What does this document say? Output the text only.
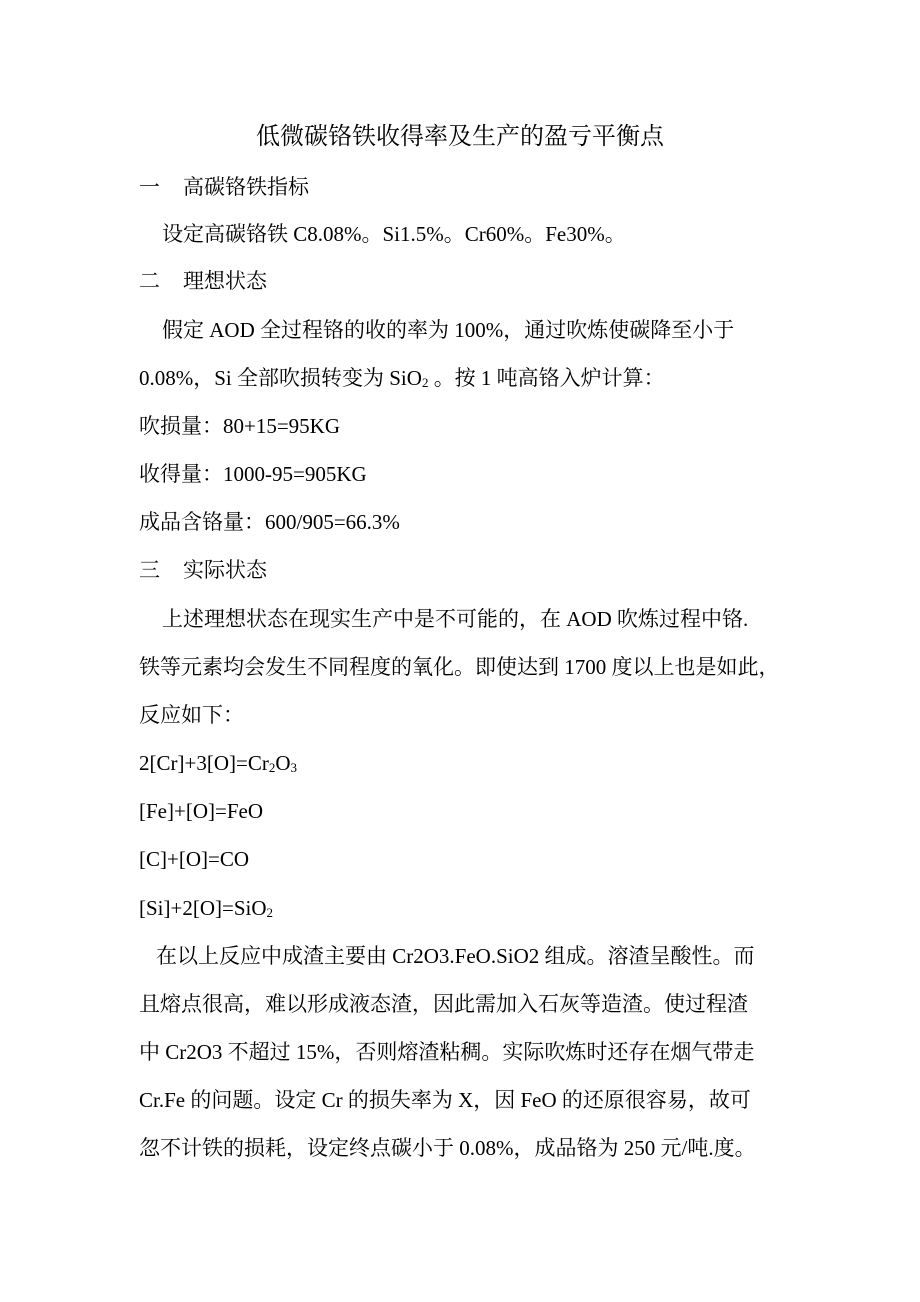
低微碳铬铁收得率及生产的盈亏平衡点
一 高碳铬铁指标
设定高碳铬铁 C8.08%。Si1.5%。Cr60%。Fe30%。
二 理想状态
假定 AOD 全过程铬的收的率为 100%，通过吹炼使碳降至小于
0.08%，Si 全部吹损转变为 SiO$_2$ 。按 1 吨高铬入炉计算：
吹损量：80+15=95KG
收得量：1000-95=905KG
成品含铬量：600/905=66.3%
三 实际状态
上述理想状态在现实生产中是不可能的，在 AOD 吹炼过程中铬.
铁等元素均会发生不同程度的氧化。即使达到 1700 度以上也是如此，
反应如下：
$2[Cr]+3[O]=Cr_2O_3$
[Fe]+[O]=FeO
[C]+[O]=CO
[Si]+2[O]=SiO$_2$
在以上反应中成渣主要由 Cr2O3.FeO.SiO2 组成。溶渣呈酸性。而
且熔点很高，难以形成液态渣，因此需加入石灰等造渣。使过程渣
中 Cr2O3 不超过 15%，否则熔渣粘稠。实际吹炼时还存在烟气带走
Cr.Fe 的问题。设定 Cr 的损失率为 X，因 FeO 的还原很容易，故可
忽不计铁的损耗，设定终点碳小于 0.08%，成品铬为 250 元/吨.度。
